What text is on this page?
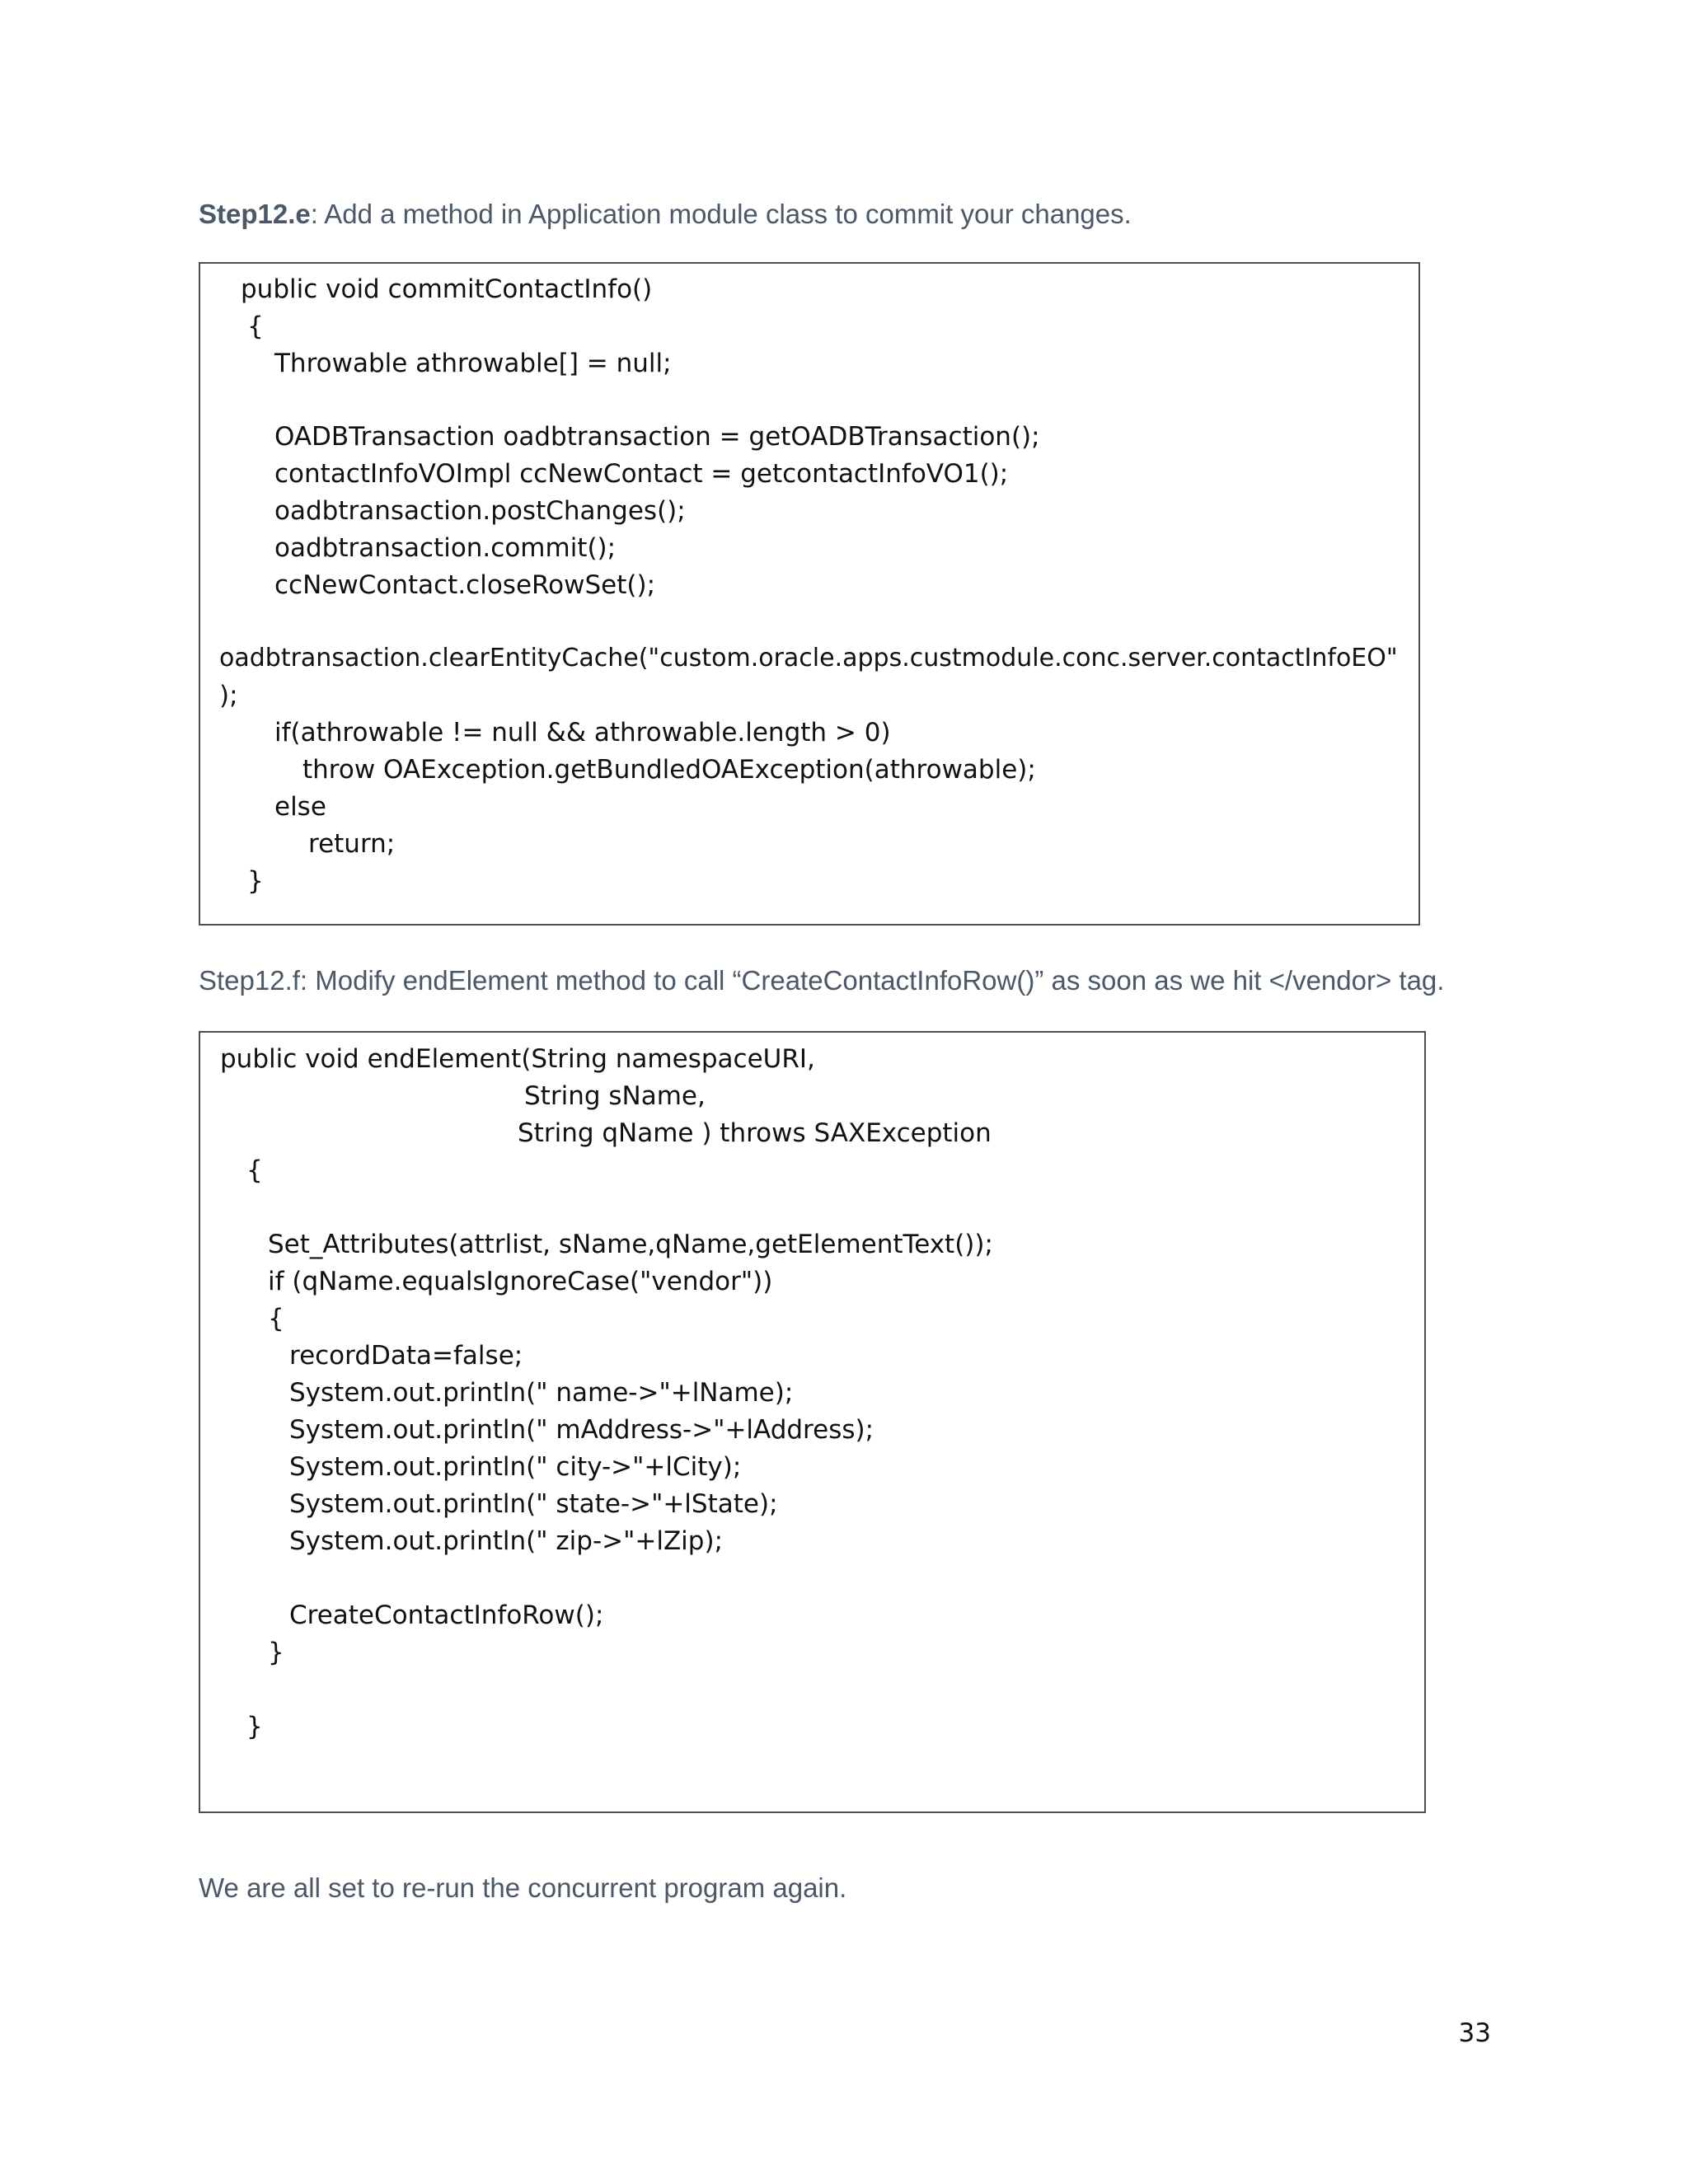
Step12.e: Add a method in Application module class to commit your changes.
public void commitContactInfo()
{
Throwable athrowable[] = null;
OADBTransaction oadbtransaction = getOADBTransaction();
contactInfoVOImpl ccNewContact = getcontactInfoVO1();
oadbtransaction.postChanges();
oadbtransaction.commit();
ccNewContact.closeRowSet();
oadbtransaction.clearEntityCache("custom.oracle.apps.custmodule.conc.server.contactInfoEO"
);
if(athrowable != null && athrowable.length > 0)
throw OAException.getBundledOAException(athrowable);
else
return;
}
Step12.f: Modify endElement method to call “CreateContactInfoRow()” as soon as we hit </vendor> tag.
public void endElement(String namespaceURI,
String sName,
String qName ) throws SAXException
{
Set_Attributes(attrlist, sName,qName,getElementText());
if (qName.equalsIgnoreCase("vendor"))
{
recordData=false;
System.out.println(" name->"+lName);
System.out.println(" mAddress->"+lAddress);
System.out.println(" city->"+lCity);
System.out.println(" state->"+lState);
System.out.println(" zip->"+lZip);
CreateContactInfoRow();
}
}
We are all set to re-run the concurrent program again.
33
